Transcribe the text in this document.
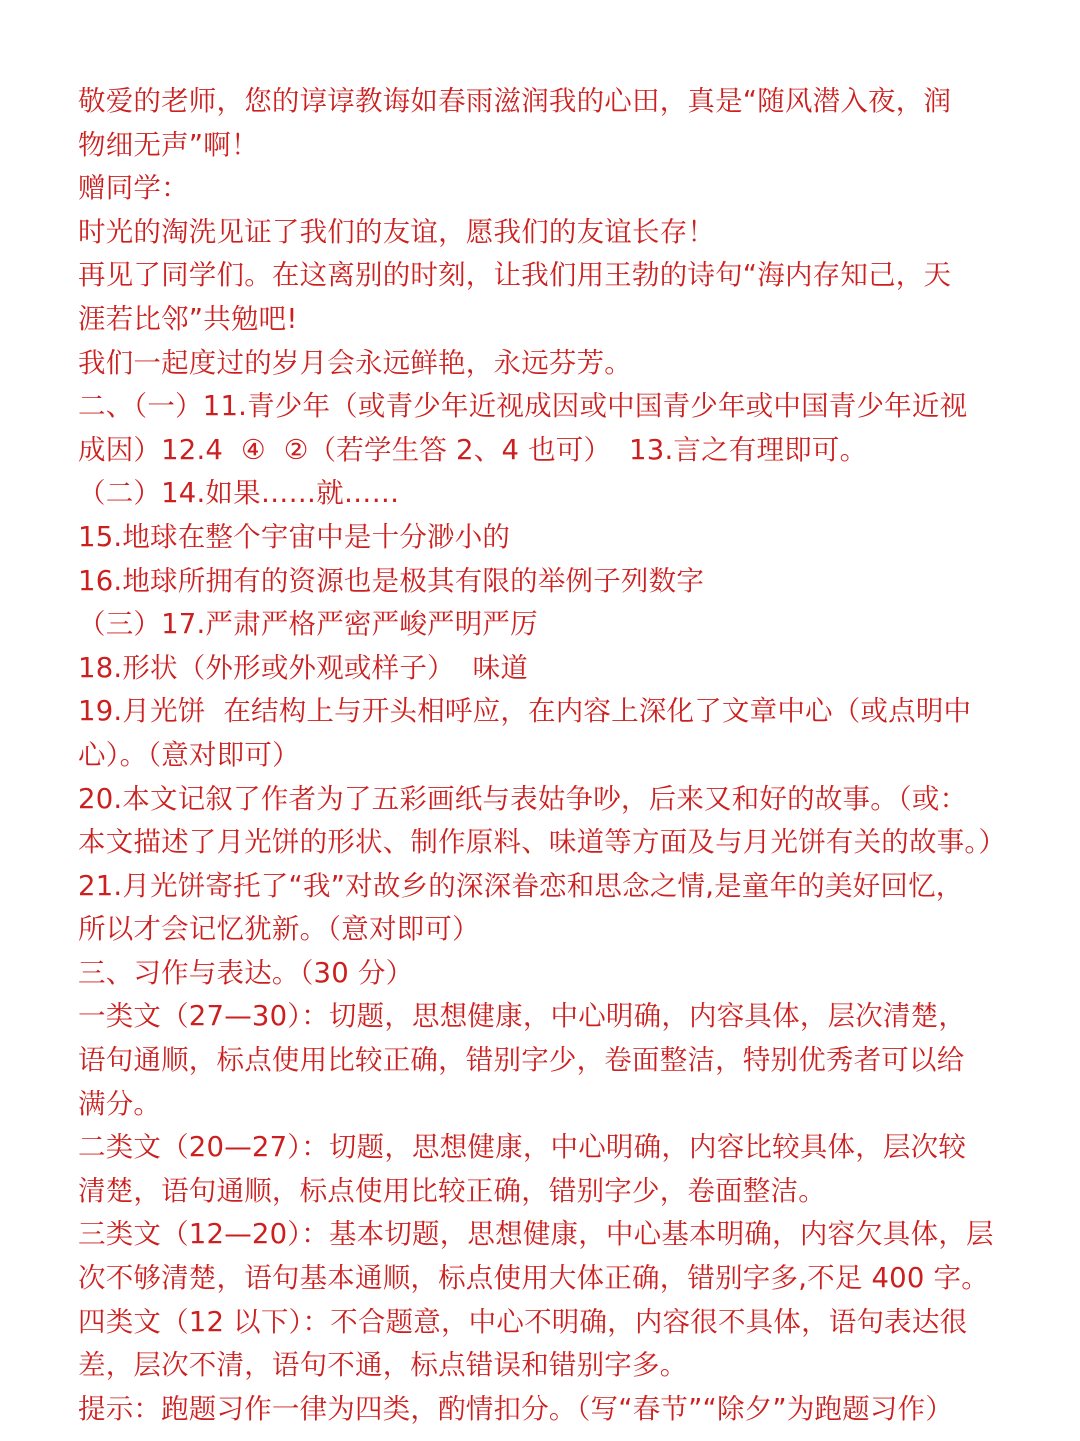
敬爱的老师，您的谆谆教诲如春雨滋润我的心田，真是“随风潜入夜，润
物细无声”啊！
赠同学：
时光的淘洗见证了我们的友谊，愿我们的友谊长存！
再见了同学们。在这离别的时刻，让我们用王勃的诗句“海内存知己，天
涯若比邻”共勉吧!
我们一起度过的岁月会永远鲜艳，永远芬芳。
二、（一）11.青少年（或青少年近视成因或中国青少年或中国青少年近视
成因）12.4  ④  ②（若学生答 2、4 也可）  13.言之有理即可。
（二）14.如果……就……
15.地球在整个宇宙中是十分渺小的
16.地球所拥有的资源也是极其有限的举例子列数字
（三）17.严肃严格严密严峻严明严厉
18.形状（外形或外观或样子）  味道
19.月光饼  在结构上与开头相呼应，在内容上深化了文章中心（或点明中
心）。（意对即可）
20.本文记叙了作者为了五彩画纸与表姑争吵，后来又和好的故事。（或：
本文描述了月光饼的形状、制作原料、味道等方面及与月光饼有关的故事。）
21.月光饼寄托了“我”对故乡的深深眷恋和思念之情,是童年的美好回忆，
所以才会记忆犹新。（意对即可）
三、习作与表达。（30 分）
一类文（27—30）：切题，思想健康，中心明确，内容具体，层次清楚，
语句通顺，标点使用比较正确，错别字少，卷面整洁，特别优秀者可以给
满分。
二类文（20—27）：切题，思想健康，中心明确，内容比较具体，层次较
清楚，语句通顺，标点使用比较正确，错别字少，卷面整洁。
三类文（12—20）：基本切题，思想健康，中心基本明确，内容欠具体，层
次不够清楚，语句基本通顺，标点使用大体正确，错别字多,不足 400 字。
四类文（12 以下）：不合题意，中心不明确，内容很不具体，语句表达很
差，层次不清，语句不通，标点错误和错别字多。
提示：跑题习作一律为四类，酌情扣分。（写“春节”“除夕”为跑题习作）
